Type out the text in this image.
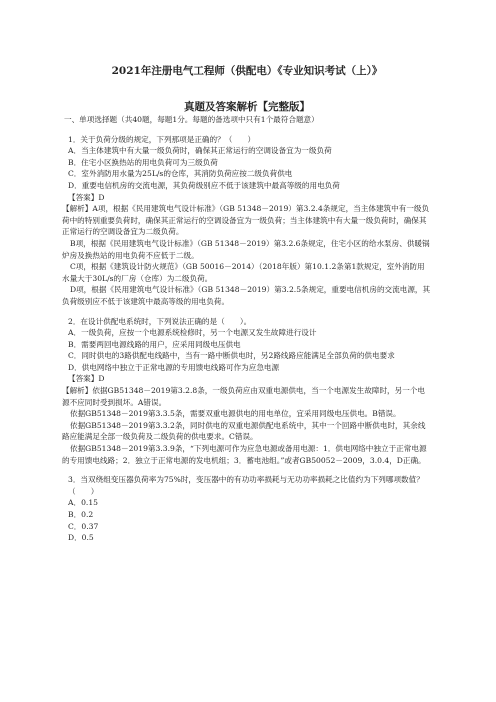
2021年注册电气工程师（供配电）《专业知识考试（上）》

真题及答案解析【完整版】

一、单项选择题（共40题，每题1分。每题的备选项中只有1个最符合题意）

1．关于负荷分级的规定，下列那项是正确的？（　　）

A．当主体建筑中有大量一级负荷时，确保其正常运行的空调设备宜为一级负荷

B．住宅小区换热站的用电负荷可为三级负荷

C．室外消防用水量为25L/s的仓库，其消防负荷应按二级负荷供电

D．重要电信机房的交流电源，其负荷级别应不低于该建筑中最高等级的用电负荷

【答案】D

【解析】A项，根据《民用建筑电气设计标准》（GB 51348－2019）第3.2.4条规定，当主体建筑中有一级负荷中的特别重要负荷时，确保其正常运行的空调设备宜为一级负荷；当主体建筑中有大量一级负荷时，确保其正常运行的空调设备宜为二级负荷。

B项，根据《民用建筑电气设计标准》（GB 51348－2019）第3.2.6条规定，住宅小区的给水泵房、供暖锅炉房及换热站的用电负荷不应低于二级。

C项，根据《建筑设计防火规范》（GB 50016－2014）（2018年版）第10.1.2条第1款规定，室外消防用水量大于30L/s的厂房（仓库）为二级负荷。

D项，根据《民用建筑电气设计标准》（GB 51348－2019）第3.2.5条规定，重要电信机房的交流电源，其负荷级别应不低于该建筑中最高等级的用电负荷。

2．在设计供配电系统时，下列说法正确的是（　　）。

A．一级负荷，应按一个电源系统检修时，另一个电源又发生故障进行设计

B．需要两回电源线路的用户，应采用同级电压供电

C．同时供电的3路供配电线路中，当有一路中断供电时，另2路线路应能满足全部负荷的供电要求

D．供电网络中独立于正常电源的专用馈电线路可作为应急电源

【答案】D

【解析】依据GB51348－2019第3.2.8条，一级负荷应由双重电源供电，当一个电源发生故障时，另一个电源不应同时受到损坏。A错误。

依据GB51348－2019第3.3.5条，需要双重电源供电的用电单位，宜采用同级电压供电。B错误。

依据GB51348－2019第3.3.2条，同时供电的双重电源供配电系统中，其中一个回路中断供电时，其余线路应能满足全部一级负荷及二级负荷的供电要求。C错误。

依据GB51348－2019第3.3.9条，“下列电源可作为应急电源或备用电源：1．供电网络中独立于正常电源的专用馈电线路；2．独立于正常电源的发电机组；3．蓄电池组。”或者GB50052－2009，3.0.4，D正确。

3．当双绕组变压器负荷率为75%时，变压器中的有功功率损耗与无功功率损耗之比值约为下列哪项数值？（　　）

A．0.15

B．0.2

C．0.37

D．0.5
